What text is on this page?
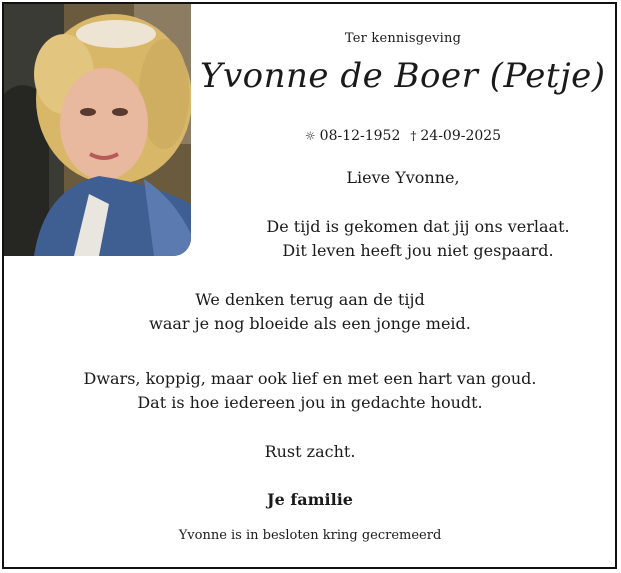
Ter kennisgeving
Yvonne de Boer (Petje)
☼ 08-12-1952 † 24-09-2025
Lieve Yvonne,
De tijd is gekomen dat jij ons verlaat.
Dit leven heeft jou niet gespaard.
We denken terug aan de tijd
waar je nog bloeide als een jonge meid.
Dwars, koppig, maar ook lief en met een hart van goud.
Dat is hoe iedereen jou in gedachte houdt.
Rust zacht.
Je familie
Yvonne is in besloten kring gecremeerd
